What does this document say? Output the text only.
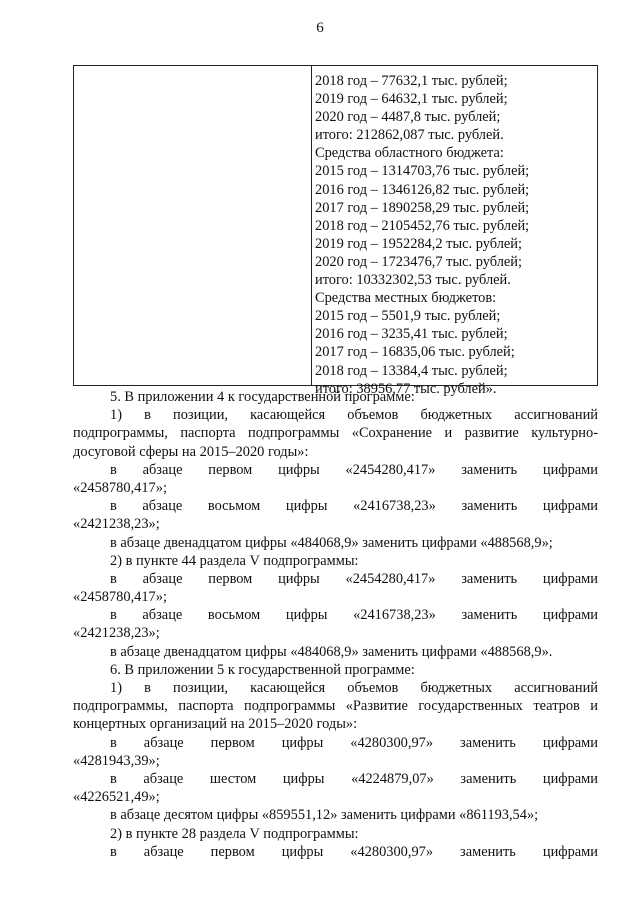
6
2018 год – 77632,1 тыс. рублей;
2019 год – 64632,1 тыс. рублей;
2020 год – 4487,8 тыс. рублей;
итого: 212862,087 тыс. рублей.
Средства областного бюджета:
2015 год – 1314703,76 тыс. рублей;
2016 год – 1346126,82 тыс. рублей;
2017 год – 1890258,29 тыс. рублей;
2018 год – 2105452,76 тыс. рублей;
2019 год – 1952284,2 тыс. рублей;
2020 год – 1723476,7 тыс. рублей;
итого: 10332302,53 тыс. рублей.
Средства местных бюджетов:
2015 год – 5501,9 тыс. рублей;
2016 год – 3235,41 тыс. рублей;
2017 год – 16835,06 тыс. рублей;
2018 год – 13384,4 тыс. рублей;
итого: 38956,77 тыс. рублей».
5. В приложении 4 к государственной программе:
1) в позиции, касающейся объемов бюджетных ассигнований
подпрограммы, паспорта подпрограммы «Сохранение и развитие культурно-
досуговой сферы на 2015–2020 годы»:
в абзаце первом цифры «2454280,417» заменить цифрами
«2458780,417»;
в абзаце восьмом цифры «2416738,23» заменить цифрами
«2421238,23»;
в абзаце двенадцатом цифры «484068,9» заменить цифрами «488568,9»;
2) в пункте 44 раздела V подпрограммы:
в абзаце первом цифры «2454280,417» заменить цифрами
«2458780,417»;
в абзаце восьмом цифры «2416738,23» заменить цифрами
«2421238,23»;
в абзаце двенадцатом цифры «484068,9» заменить цифрами «488568,9».
6. В приложении 5 к государственной программе:
1) в позиции, касающейся объемов бюджетных ассигнований
подпрограммы, паспорта подпрограммы «Развитие государственных театров и
концертных организаций на 2015–2020 годы»:
в абзаце первом цифры «4280300,97» заменить цифрами
«4281943,39»;
в абзаце шестом цифры «4224879,07» заменить цифрами
«4226521,49»;
в абзаце десятом цифры «859551,12» заменить цифрами «861193,54»;
2) в пункте 28 раздела V подпрограммы:
в абзаце первом цифры «4280300,97» заменить цифрами
